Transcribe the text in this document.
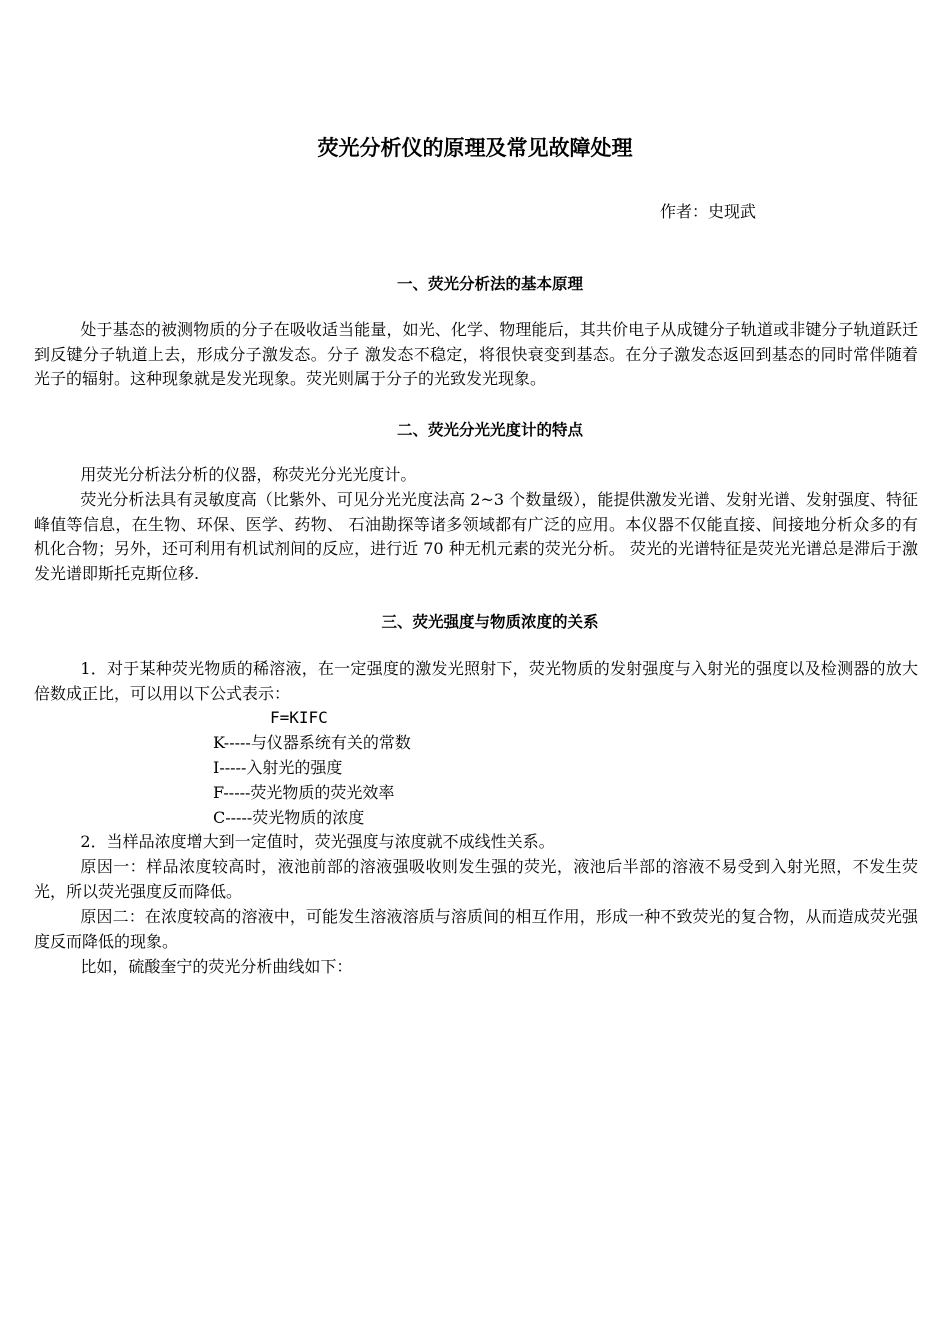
荧光分析仪的原理及常见故障处理
作者：史现武
一、荧光分析法的基本原理

处于基态的被测物质的分子在吸收适当能量，如光、化学、物理能后，其共价电子从成键分子轨道或非键分子轨道跃迁到反键分子轨道上去，形成分子激发态。分子 激发态不稳定，将很快衰变到基态。在分子激发态返回到基态的同时常伴随着光子的辐射。这种现象就是发光现象。荧光则属于分子的光致发光现象。

二、荧光分光光度计的特点

用荧光分析法分析的仪器，称荧光分光光度计。

荧光分析法具有灵敏度高（比紫外、可见分光光度法高 2~3 个数量级），能提供激发光谱、发射光谱、发射强度、特征峰值等信息，在生物、环保、医学、药物、 石油勘探等诸多领域都有广泛的应用。本仪器不仅能直接、间接地分析众多的有机化合物；另外，还可利用有机试剂间的反应，进行近 70 种无机元素的荧光分析。 荧光的光谱特征是荧光光谱总是滞后于激发光谱即斯托克斯位移.

三、荧光强度与物质浓度的关系

1．对于某种荧光物质的稀溶液，在一定强度的激发光照射下，荧光物质的发射强度与入射光的强度以及检测器的放大倍数成正比，可以用以下公式表示：

F=KIFC
K-----与仪器系统有关的常数
I-----入射光的强度
F-----荧光物质的荧光效率
C-----荧光物质的浓度

2．当样品浓度增大到一定值时，荧光强度与浓度就不成线性关系。

原因一：样品浓度较高时，液池前部的溶液强吸收则发生强的荧光，液池后半部的溶液不易受到入射光照，不发生荧光，所以荧光强度反而降低。

原因二：在浓度较高的溶液中，可能发生溶液溶质与溶质间的相互作用，形成一种不致荧光的复合物，从而造成荧光强度反而降低的现象。

比如，硫酸奎宁的荧光分析曲线如下：
